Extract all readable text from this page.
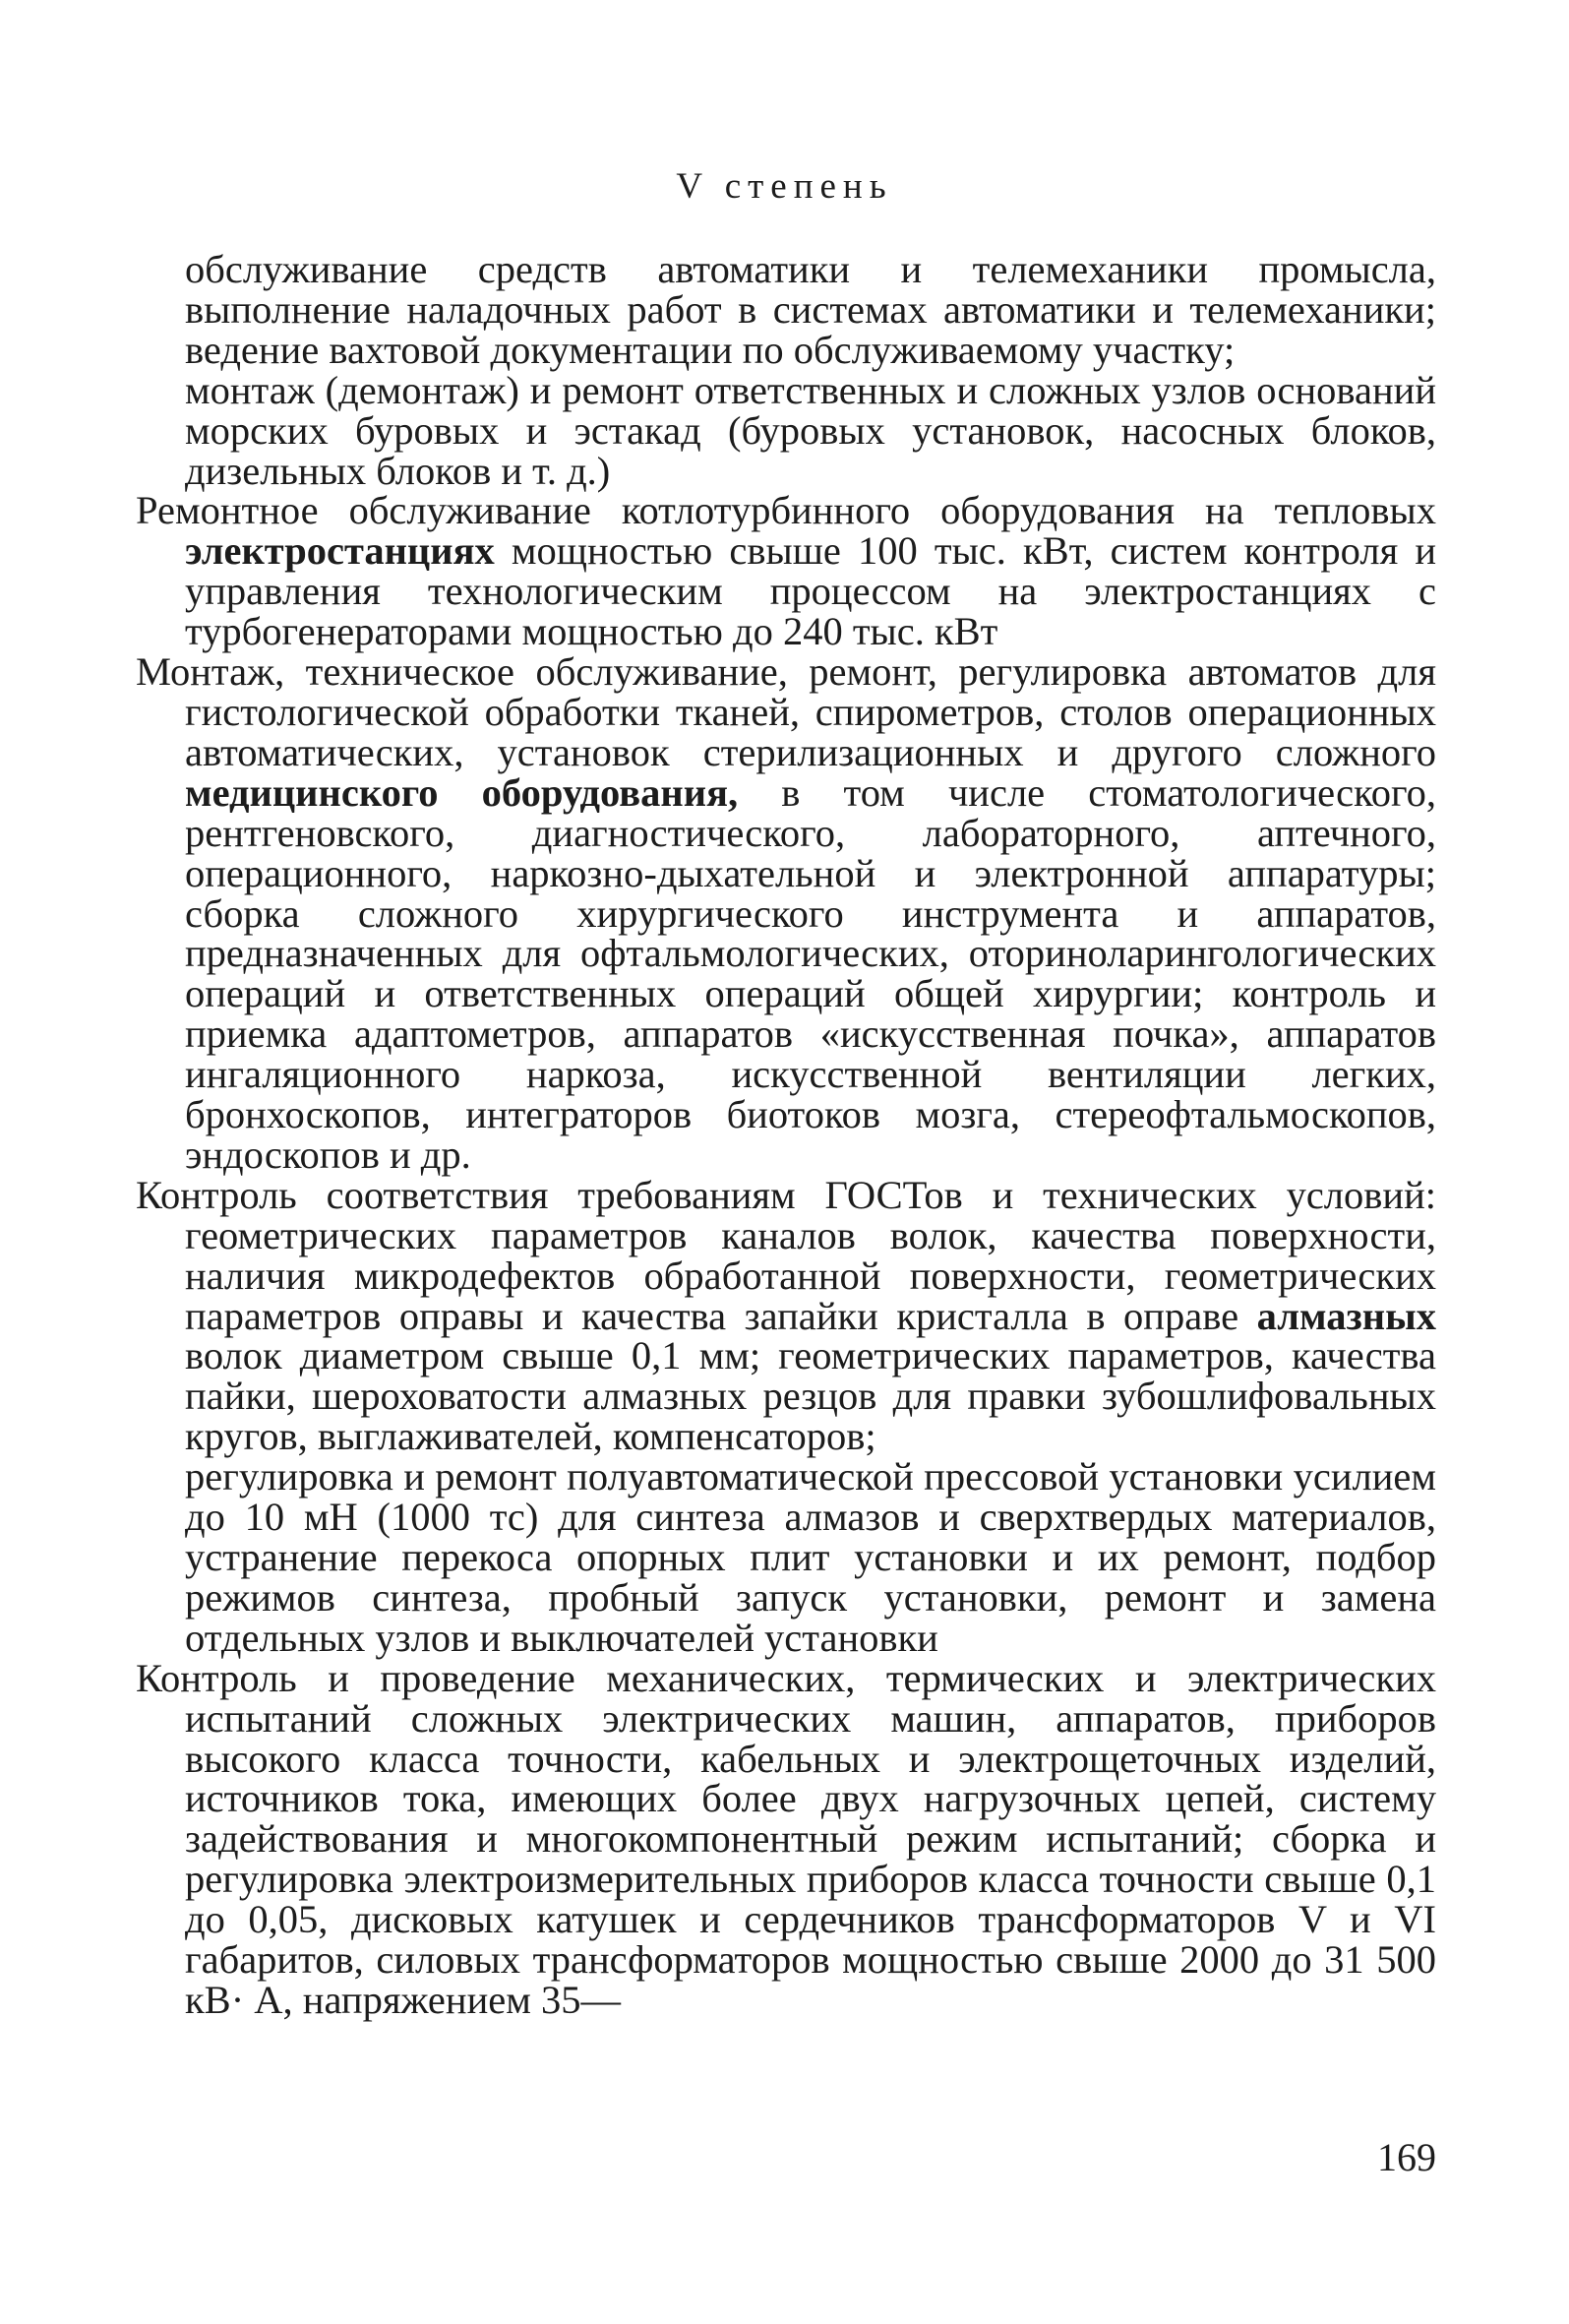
V степень

обслуживание средств автоматики и телемеханики промысла, выполнение наладочных работ в системах автоматики и телемеханики; ведение вахтовой документации по обслуживаемому участку;

монтаж (демонтаж) и ремонт ответственных и сложных узлов оснований морских буровых и эстакад (буровых установок, насосных блоков, дизельных блоков и т. д.)

Ремонтное обслуживание котлотурбинного оборудования на тепловых электростанциях мощностью свыше 100 тыс. кВт, систем контроля и управления технологическим процессом на электростанциях с турбогенераторами мощностью до 240 тыс. кВт

Монтаж, техническое обслуживание, ремонт, регулировка автоматов для гистологической обработки тканей, спирометров, столов операционных автоматических, установок стерилизационных и другого сложного медицинского оборудования, в том числе стоматологического, рентгеновского, диагностического, лабораторного, аптечного, операционного, наркозно-дыхательной и электронной аппаратуры; сборка сложного хирургического инструмента и аппаратов, предназначенных для офтальмологических, оториноларингологических операций и ответственных операций общей хирургии; контроль и приемка адаптометров, аппаратов «искусственная почка», аппаратов ингаляционного наркоза, искусственной вентиляции легких, бронхоскопов, интеграторов биотоков мозга, стереофтальмоскопов, эндоскопов и др.

Контроль соответствия требованиям ГОСТов и технических условий: геометрических параметров каналов волок, качества поверхности, наличия микродефектов обработанной поверхности, геометрических параметров оправы и качества запайки кристалла в оправе алмазных волок диаметром свыше 0,1 мм; геометрических параметров, качества пайки, шероховатости алмазных резцов для правки зубошлифовальных кругов, выглаживателей, компенсаторов;

регулировка и ремонт полуавтоматической прессовой установки усилием до 10 мН (1000 тс) для синтеза алмазов и сверхтвердых материалов, устранение перекоса опорных плит установки и их ремонт, подбор режимов синтеза, пробный запуск установки, ремонт и замена отдельных узлов и выключателей установки

Контроль и проведение механических, термических и электрических испытаний сложных электрических машин, аппаратов, приборов высокого класса точности, кабельных и электрощеточных изделий, источников тока, имеющих более двух нагрузочных цепей, систему задействования и многокомпонентный режим испытаний; сборка и регулировка электроизмерительных приборов класса точности свыше 0,1 до 0,05, дисковых катушек и сердечников трансформаторов V и VI габаритов, силовых трансформаторов мощностью свыше 2000 до 31 500 кВ· А, напряжением 35—

169
